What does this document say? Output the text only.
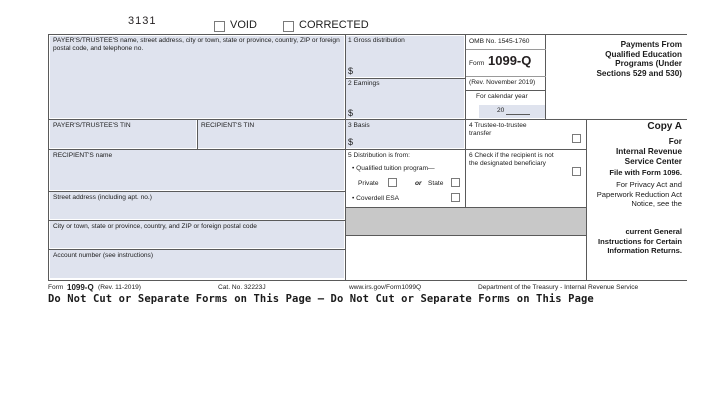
3131	VOID	CORRECTED
PAYER'S/TRUSTEE'S name, street address, city or town, state or province, country, ZIP or foreign postal code, and telephone no.
1 Gross distribution
$
2 Earnings
$
OMB No. 1545-1760
Form 1099-Q
(Rev. November 2019)
For calendar year
20
PAYER'S/TRUSTEE'S TIN	RECIPIENT'S TIN	3 Basis
$
4 Trustee-to-trustee transfer
RECIPIENT'S name	5 Distribution is from:
• Qualified tuition program—
Private	or State
• Coverdell ESA
6 Check if the recipient is not the designated beneficiary
Street address (including apt. no.)
City or town, state or province, country, and ZIP or foreign postal code
Account number (see instructions)
Payments From Qualified Education Programs (Under Sections 529 and 530)
Copy A
For
Internal Revenue Service Center
File with Form 1096.
For Privacy Act and Paperwork Reduction Act Notice, see the
current General Instructions for Certain Information Returns.
Form 1099-Q (Rev. 11-2019)	Cat. No. 32223J	www.irs.gov/Form1099Q	Department of the Treasury - Internal Revenue Service
Do Not Cut or Separate Forms on This Page — Do Not Cut or Separate Forms on This Page
